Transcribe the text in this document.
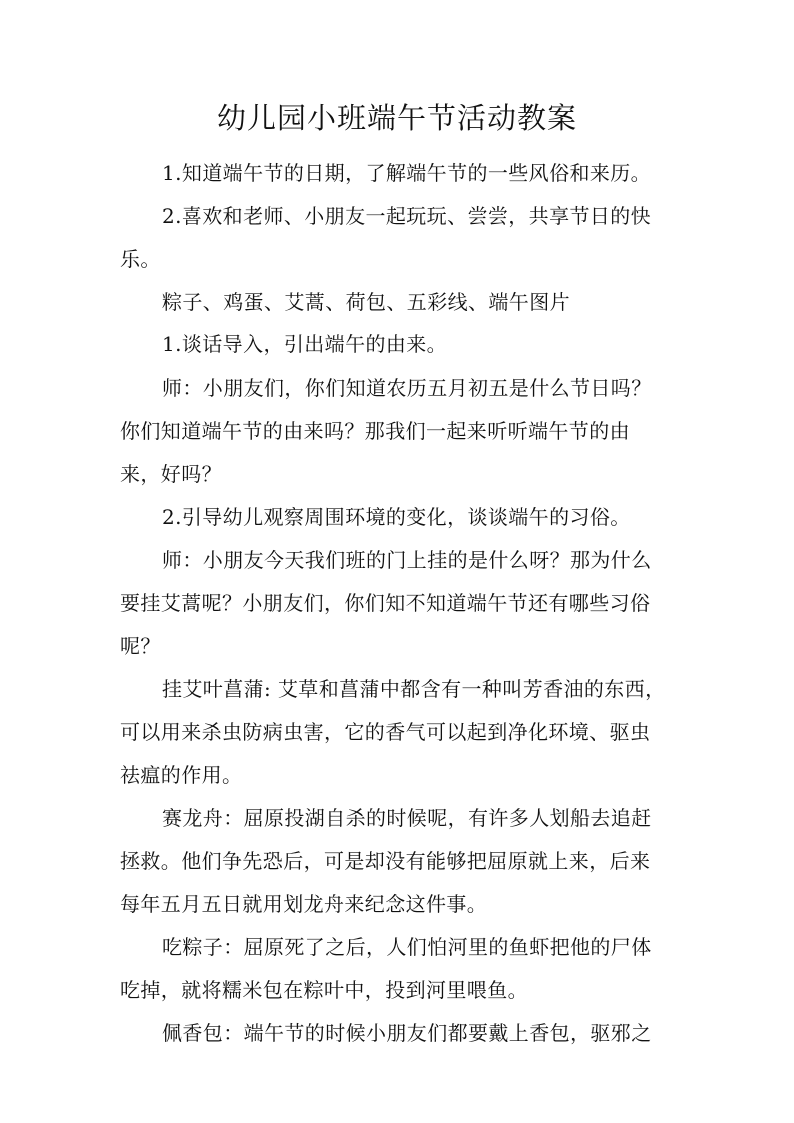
幼儿园小班端午节活动教案
1.知道端午节的日期，了解端午节的一些风俗和来历。
2.喜欢和老师、小朋友一起玩玩、尝尝，共享节日的快
乐。
粽子、鸡蛋、艾蒿、荷包、五彩线、端午图片
1.谈话导入，引出端午的由来。
师：小朋友们，你们知道农历五月初五是什么节日吗？
你们知道端午节的由来吗？那我们一起来听听端午节的由
来，好吗？
2.引导幼儿观察周围环境的变化，谈谈端午的习俗。
师：小朋友今天我们班的门上挂的是什么呀？那为什么
要挂艾蒿呢？小朋友们，你们知不知道端午节还有哪些习俗
呢？
挂艾叶菖蒲: 艾草和菖蒲中都含有一种叫芳香油的东西，
可以用来杀虫防病虫害，它的香气可以起到净化环境、驱虫
祛瘟的作用。
赛龙舟：屈原投湖自杀的时候呢，有许多人划船去追赶
拯救。他们争先恐后，可是却没有能够把屈原就上来，后来
每年五月五日就用划龙舟来纪念这件事。
吃粽子：屈原死了之后，人们怕河里的鱼虾把他的尸体
吃掉，就将糯米包在粽叶中，投到河里喂鱼。
佩香包：端午节的时候小朋友们都要戴上香包，驱邪之
